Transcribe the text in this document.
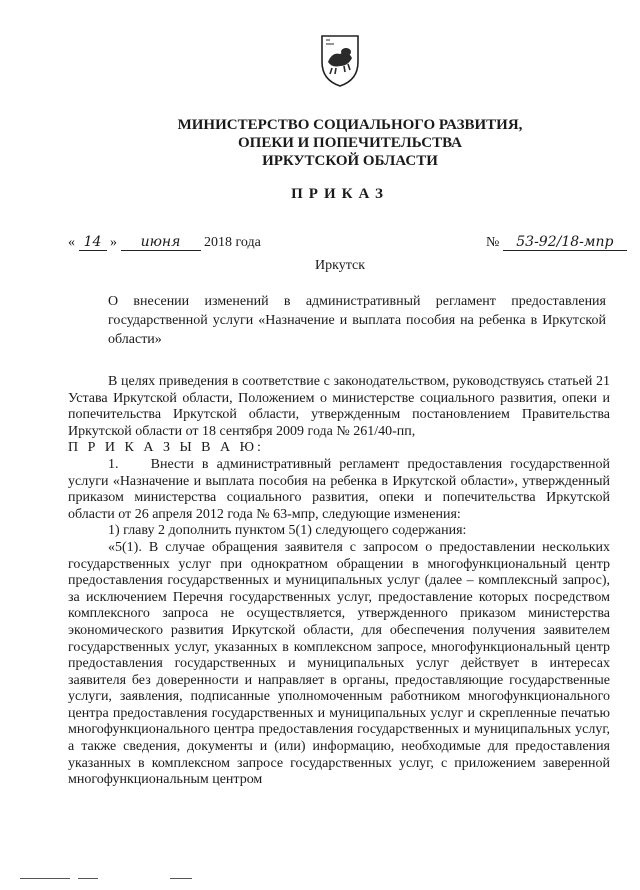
МИНИСТЕРСТВО СОЦИАЛЬНОГО РАЗВИТИЯ,
ОПЕКИ И ПОПЕЧИТЕЛЬСТВА
ИРКУТСКОЙ ОБЛАСТИ
ПРИКАЗ
« 14 » июня 2018 года	№ 53-92/18-мпр
Иркутск
О внесении изменений в административный регламент предоставления государственной услуги «Назначение и выплата пособия на ребенка в Иркутской области»

В целях приведения в соответствие с законодательством, руководствуясь статьей 21 Устава Иркутской области, Положением о министерстве социального развития, опеки и попечительства Иркутской области, утвержденным постановлением Правительства Иркутской области от 18 сентября 2009 года № 261/40-пп,

П Р И К А З Ы В А Ю:

1.    Внести в административный регламент предоставления государственной услуги «Назначение и выплата пособия на ребенка в Иркутской области», утвержденный приказом министерства социального развития, опеки и попечительства Иркутской области от 26 апреля 2012 года № 63-мпр, следующие изменения:

1) главу 2 дополнить пунктом 5(1) следующего содержания:

«5(1). В случае обращения заявителя с запросом о предоставлении нескольких государственных услуг при однократном обращении в многофункциональный центр предоставления государственных и муниципальных услуг (далее – комплексный запрос), за исключением Перечня государственных услуг, предоставление которых посредством комплексного запроса не осуществляется, утвержденного приказом министерства экономического развития Иркутской области, для обеспечения получения заявителем государственных услуг, указанных в комплексном запросе, многофункциональный центр предоставления государственных и муниципальных услуг действует в интересах заявителя без доверенности и направляет в органы, предоставляющие государственные услуги, заявления, подписанные уполномоченным работником многофункционального центра предоставления государственных и муниципальных услуг и скрепленные печатью многофункционального центра предоставления государственных и муниципальных услуг, а также сведения, документы и (или) информацию, необходимые для предоставления указанных в комплексном запросе государственных услуг, с приложением заверенной многофункциональным центром
